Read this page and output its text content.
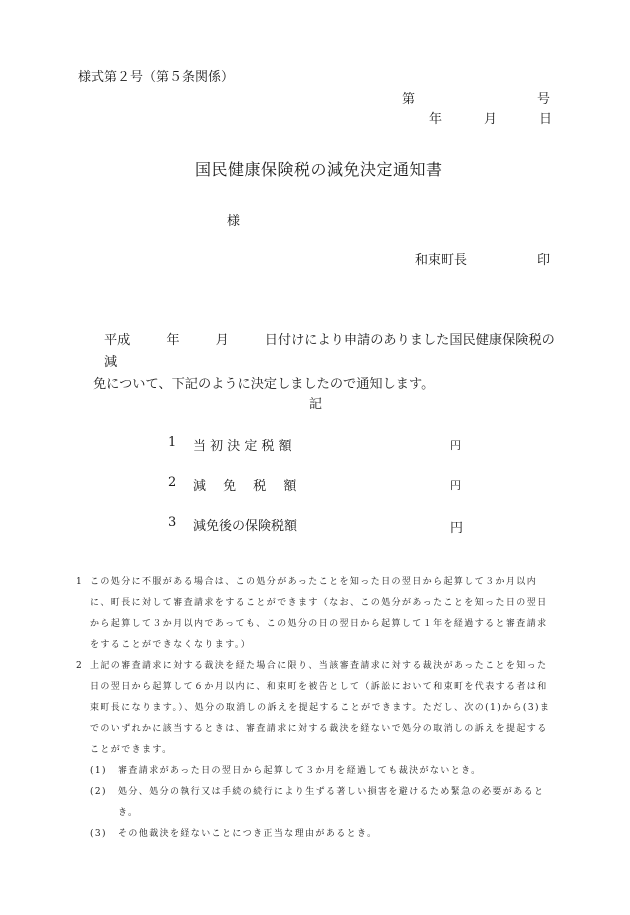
様式第２号（第５条関係）
第	号
年	月	日
国民健康保険税の減免決定通知書
様
和束町長	印
平成	年	月	日付けにより申請のありました国民健康保険税の減
免について、下記のように決定しましたので通知します。
記
1 当 初 決 定 税 額	円
2 減　 免　 税　 額	円
3 減免後の保険税額	円
1 この処分に不服がある場合は、この処分があったことを知った日の翌日から起算して３か月以内に、町長に対して審査請求をすることができます（なお、この処分があったことを知った日の翌日から起算して３か月以内であっても、この処分の日の翌日から起算して１年を経過すると審査請求をすることができなくなります。）
2 上記の審査請求に対する裁決を経た場合に限り、当該審査請求に対する裁決があったことを知った日の翌日から起算して６か月以内に、和束町を被告として（訴訟において和束町を代表する者は和束町長になります。）、処分の取消しの訴えを提起することができます。ただし、次の(1)から(3)までのいずれかに該当するときは、審査請求に対する裁決を経ないで処分の取消しの訴えを提起することができます。
(1)	審査請求があった日の翌日から起算して３か月を経過しても裁決がないとき。
(2)	処分、処分の執行又は手続の続行により生ずる著しい損害を避けるため緊急の必要があるとき。
(3)	その他裁決を経ないことにつき正当な理由があるとき。
